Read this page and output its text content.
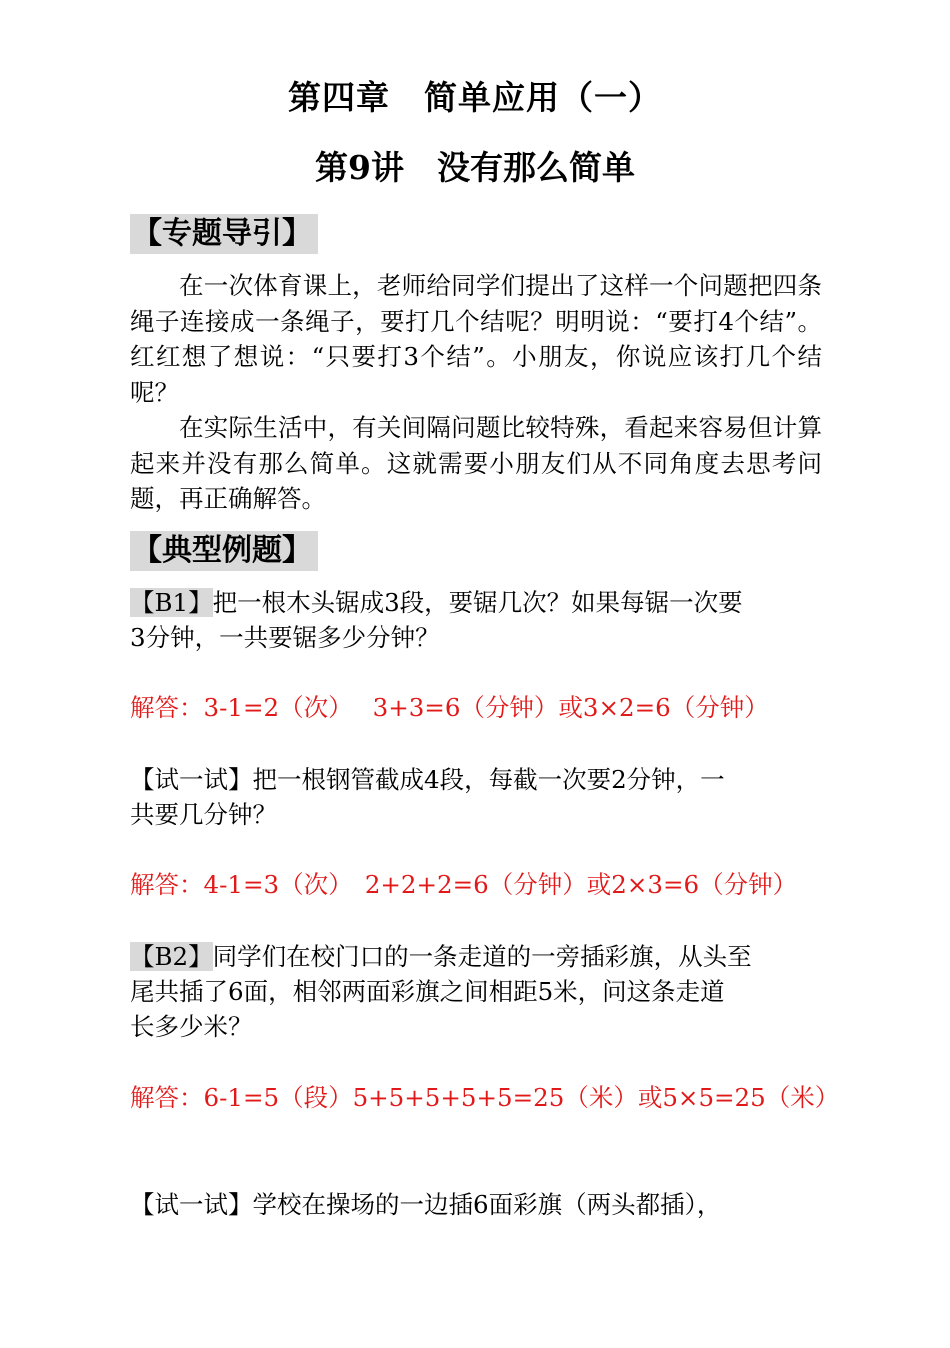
第四章　简单应用（一）
第9讲　没有那么简单
【专题导引】

在一次体育课上，老师给同学们提出了这样一个问题把四条绳子连接成一条绳子，要打几个结呢？明明说：“要打4个结”。红红想了想说：“只要打3个结”。小朋友，你说应该打几个结呢？

在实际生活中，有关间隔问题比较特殊，看起来容易但计算起来并没有那么简单。这就需要小朋友们从不同角度去思考问题，再正确解答。

【典型例题】
【B1】把一根木头锯成3段，要锯几次？如果每锯一次要
3分钟，一共要锯多少分钟？
解答：3-1=2（次）　 3+3=6（分钟）或3×2=6（分钟）
【试一试】把一根钢管截成4段，每截一次要2分钟，一
共要几分钟？
解答：4-1=3（次）　2+2+2=6（分钟）或2×3=6（分钟）
【B2】同学们在校门口的一条走道的一旁插彩旗，从头至
尾共插了6面，相邻两面彩旗之间相距5米，问这条走道
长多少米？
解答：6-1=5（段）5+5+5+5+5=25（米）或5×5=25（米）
【试一试】学校在操场的一边插6面彩旗（两头都插），
